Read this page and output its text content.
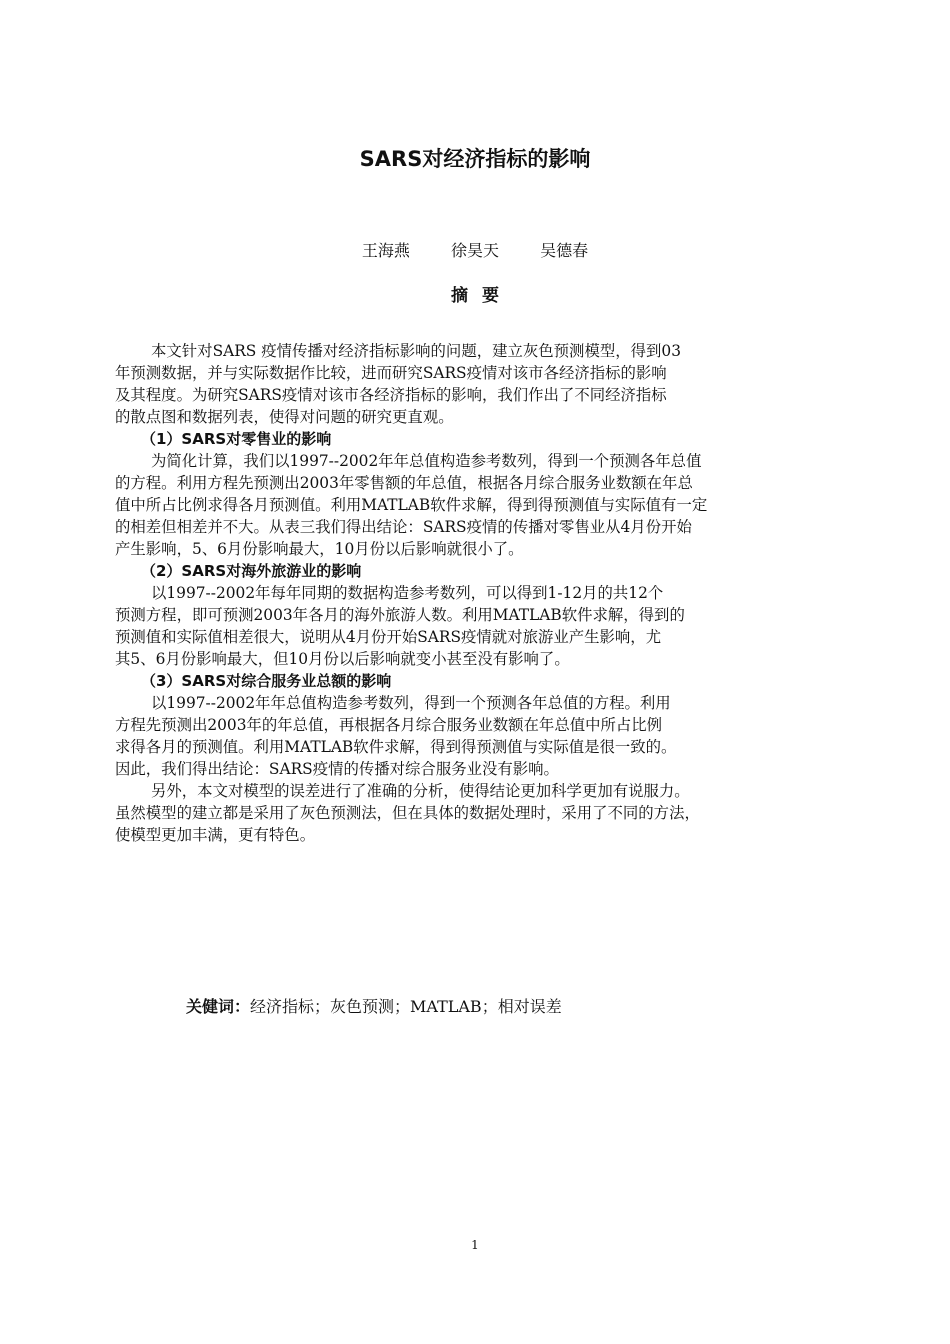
SARS对经济指标的影响
王海燕	徐昊天	吴德春
摘要
本文针对SARS 疫情传播对经济指标影响的问题，建立灰色预测模型，得到03
年预测数据，并与实际数据作比较，进而研究SARS疫情对该市各经济指标的影响
及其程度。为研究SARS疫情对该市各经济指标的影响，我们作出了不同经济指标
的散点图和数据列表，使得对问题的研究更直观。
（1）SARS对零售业的影响
为简化计算，我们以1997--2002年年总值构造参考数列，得到一个预测各年总值
的方程。利用方程先预测出2003年零售额的年总值，根据各月综合服务业数额在年总
值中所占比例求得各月预测值。利用MATLAB软件求解，得到得预测值与实际值有一定
的相差但相差并不大。从表三我们得出结论：SARS疫情的传播对零售业从4月份开始
产生影响，5、6月份影响最大，10月份以后影响就很小了。
（2）SARS对海外旅游业的影响
以1997--2002年每年同期的数据构造参考数列，可以得到1-12月的共12个
预测方程，即可预测2003年各月的海外旅游人数。利用MATLAB软件求解，得到的
预测值和实际值相差很大，说明从4月份开始SARS疫情就对旅游业产生影响，尤
其5、6月份影响最大，但10月份以后影响就变小甚至没有影响了。
（3）SARS对综合服务业总额的影响
以1997--2002年年总值构造参考数列，得到一个预测各年总值的方程。利用
方程先预测出2003年的年总值，再根据各月综合服务业数额在年总值中所占比例
求得各月的预测值。利用MATLAB软件求解，得到得预测值与实际值是很一致的。
因此，我们得出结论：SARS疫情的传播对综合服务业没有影响。
另外，本文对模型的误差进行了准确的分析，使得结论更加科学更加有说服力。
虽然模型的建立都是采用了灰色预测法，但在具体的数据处理时，采用了不同的方法，
使模型更加丰满，更有特色。
关健词：经济指标；灰色预测；MATLAB；相对误差
1
